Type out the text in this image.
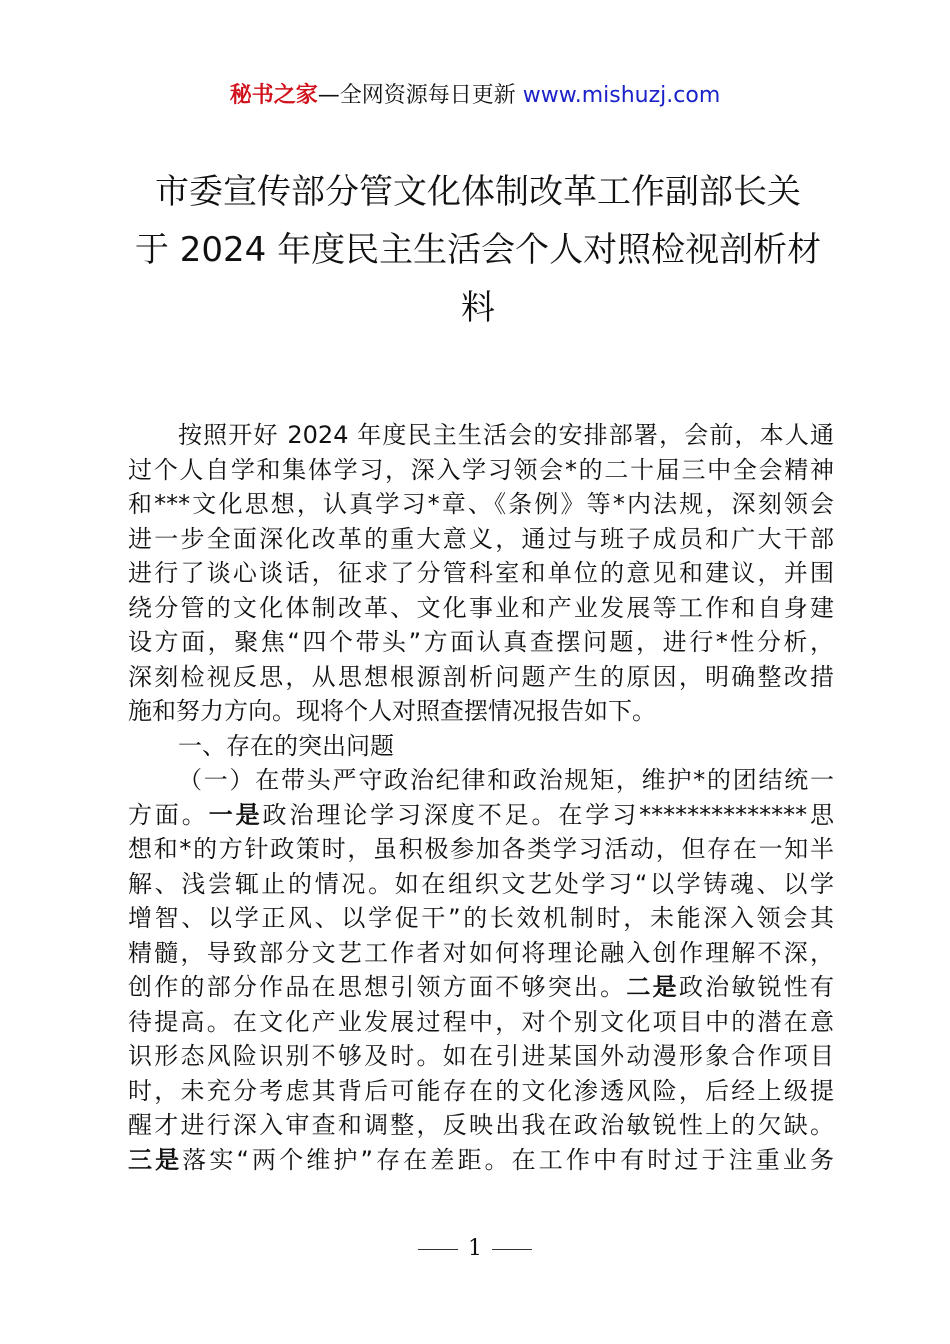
秘书之家—全网资源每日更新 www.mishuzj.com
市委宣传部分管文化体制改革工作副部长关
于 2024 年度民主生活会个人对照检视剖析材
料
按照开好 2024 年度民主生活会的安排部署，会前，本人通
过个人自学和集体学习，深入学习领会*的二十届三中全会精神
和***文化思想，认真学习*章、《条例》等*内法规，深刻领会
进一步全面深化改革的重大意义，通过与班子成员和广大干部
进行了谈心谈话，征求了分管科室和单位的意见和建议，并围
绕分管的文化体制改革、文化事业和产业发展等工作和自身建
设方面，聚焦“四个带头”方面认真查摆问题，进行*性分析，
深刻检视反思，从思想根源剖析问题产生的原因，明确整改措
施和努力方向。现将个人对照查摆情况报告如下。
一、存在的突出问题
（一）在带头严守政治纪律和政治规矩，维护*的团结统一
方面。一是政治理论学习深度不足。在学习**************思
想和*的方针政策时，虽积极参加各类学习活动，但存在一知半
解、浅尝辄止的情况。如在组织文艺处学习“以学铸魂、以学
增智、以学正风、以学促干”的长效机制时，未能深入领会其
精髓，导致部分文艺工作者对如何将理论融入创作理解不深，
创作的部分作品在思想引领方面不够突出。二是政治敏锐性有
待提高。在文化产业发展过程中，对个别文化项目中的潜在意
识形态风险识别不够及时。如在引进某国外动漫形象合作项目
时，未充分考虑其背后可能存在的文化渗透风险，后经上级提
醒才进行深入审查和调整，反映出我在政治敏锐性上的欠缺。
三是落实“两个维护”存在差距。在工作中有时过于注重业务
1
